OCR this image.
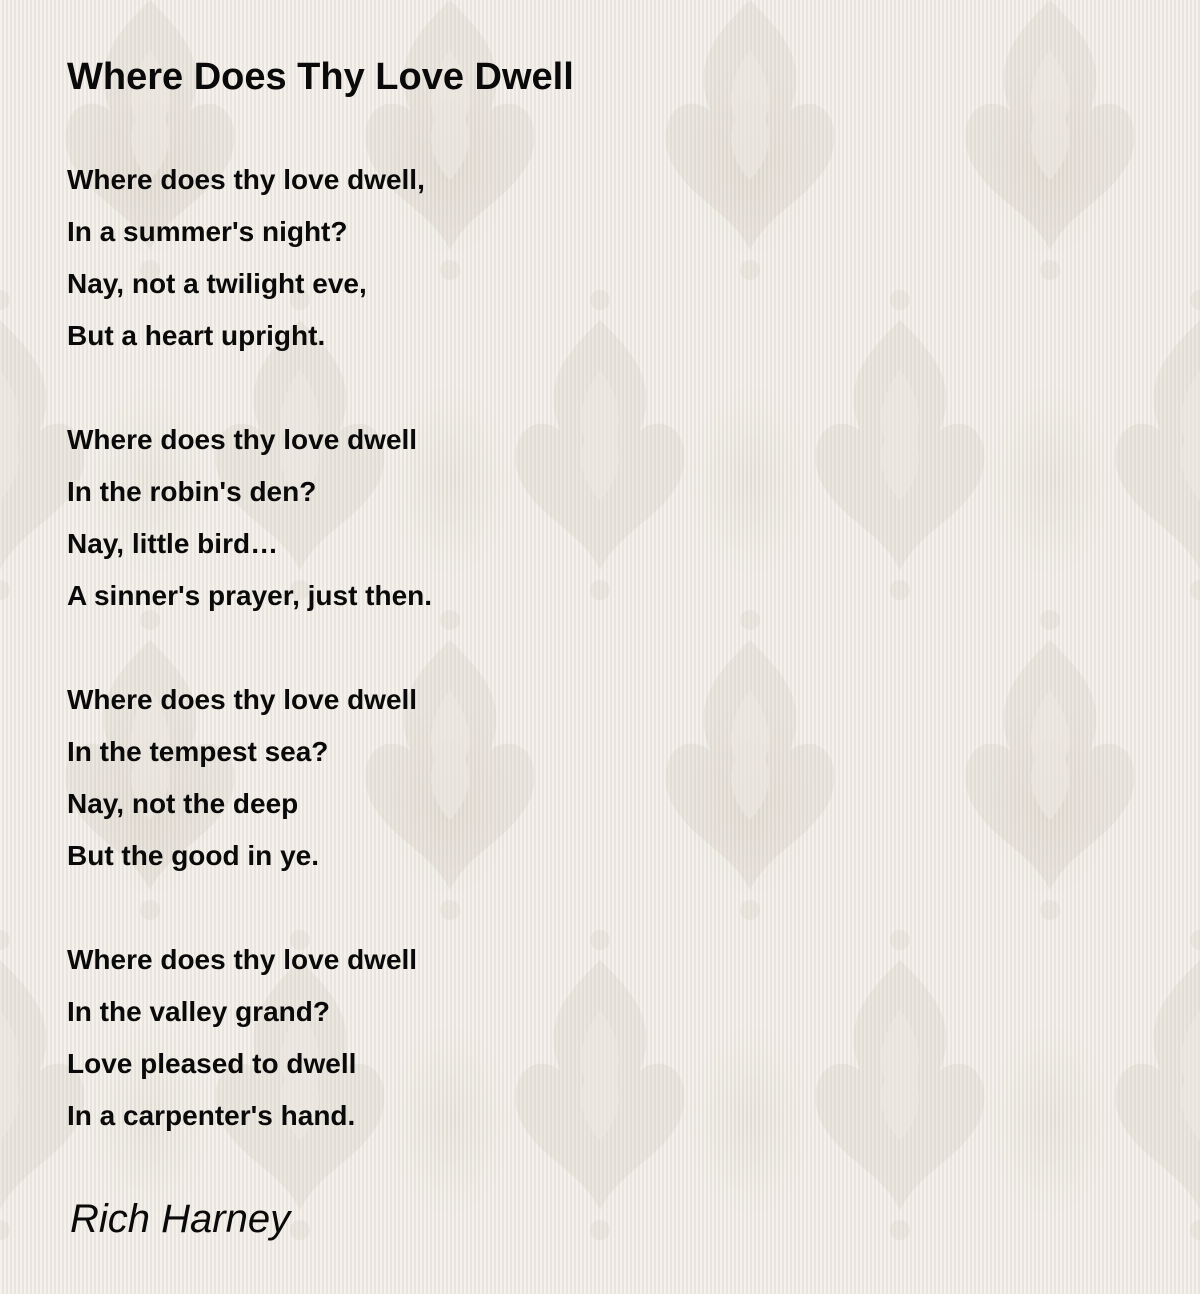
Where Does Thy Love Dwell
Where does thy love dwell,
In a summer's night?
Nay, not a twilight eve,
But a heart upright.
Where does thy love dwell
In the robin's den?
Nay, little bird…
A sinner's prayer, just then.
Where does thy love dwell
In the tempest sea?
Nay, not the deep
But the good in ye.
Where does thy love dwell
In the valley grand?
Love pleased to dwell
In a carpenter's hand.
Rich Harney
